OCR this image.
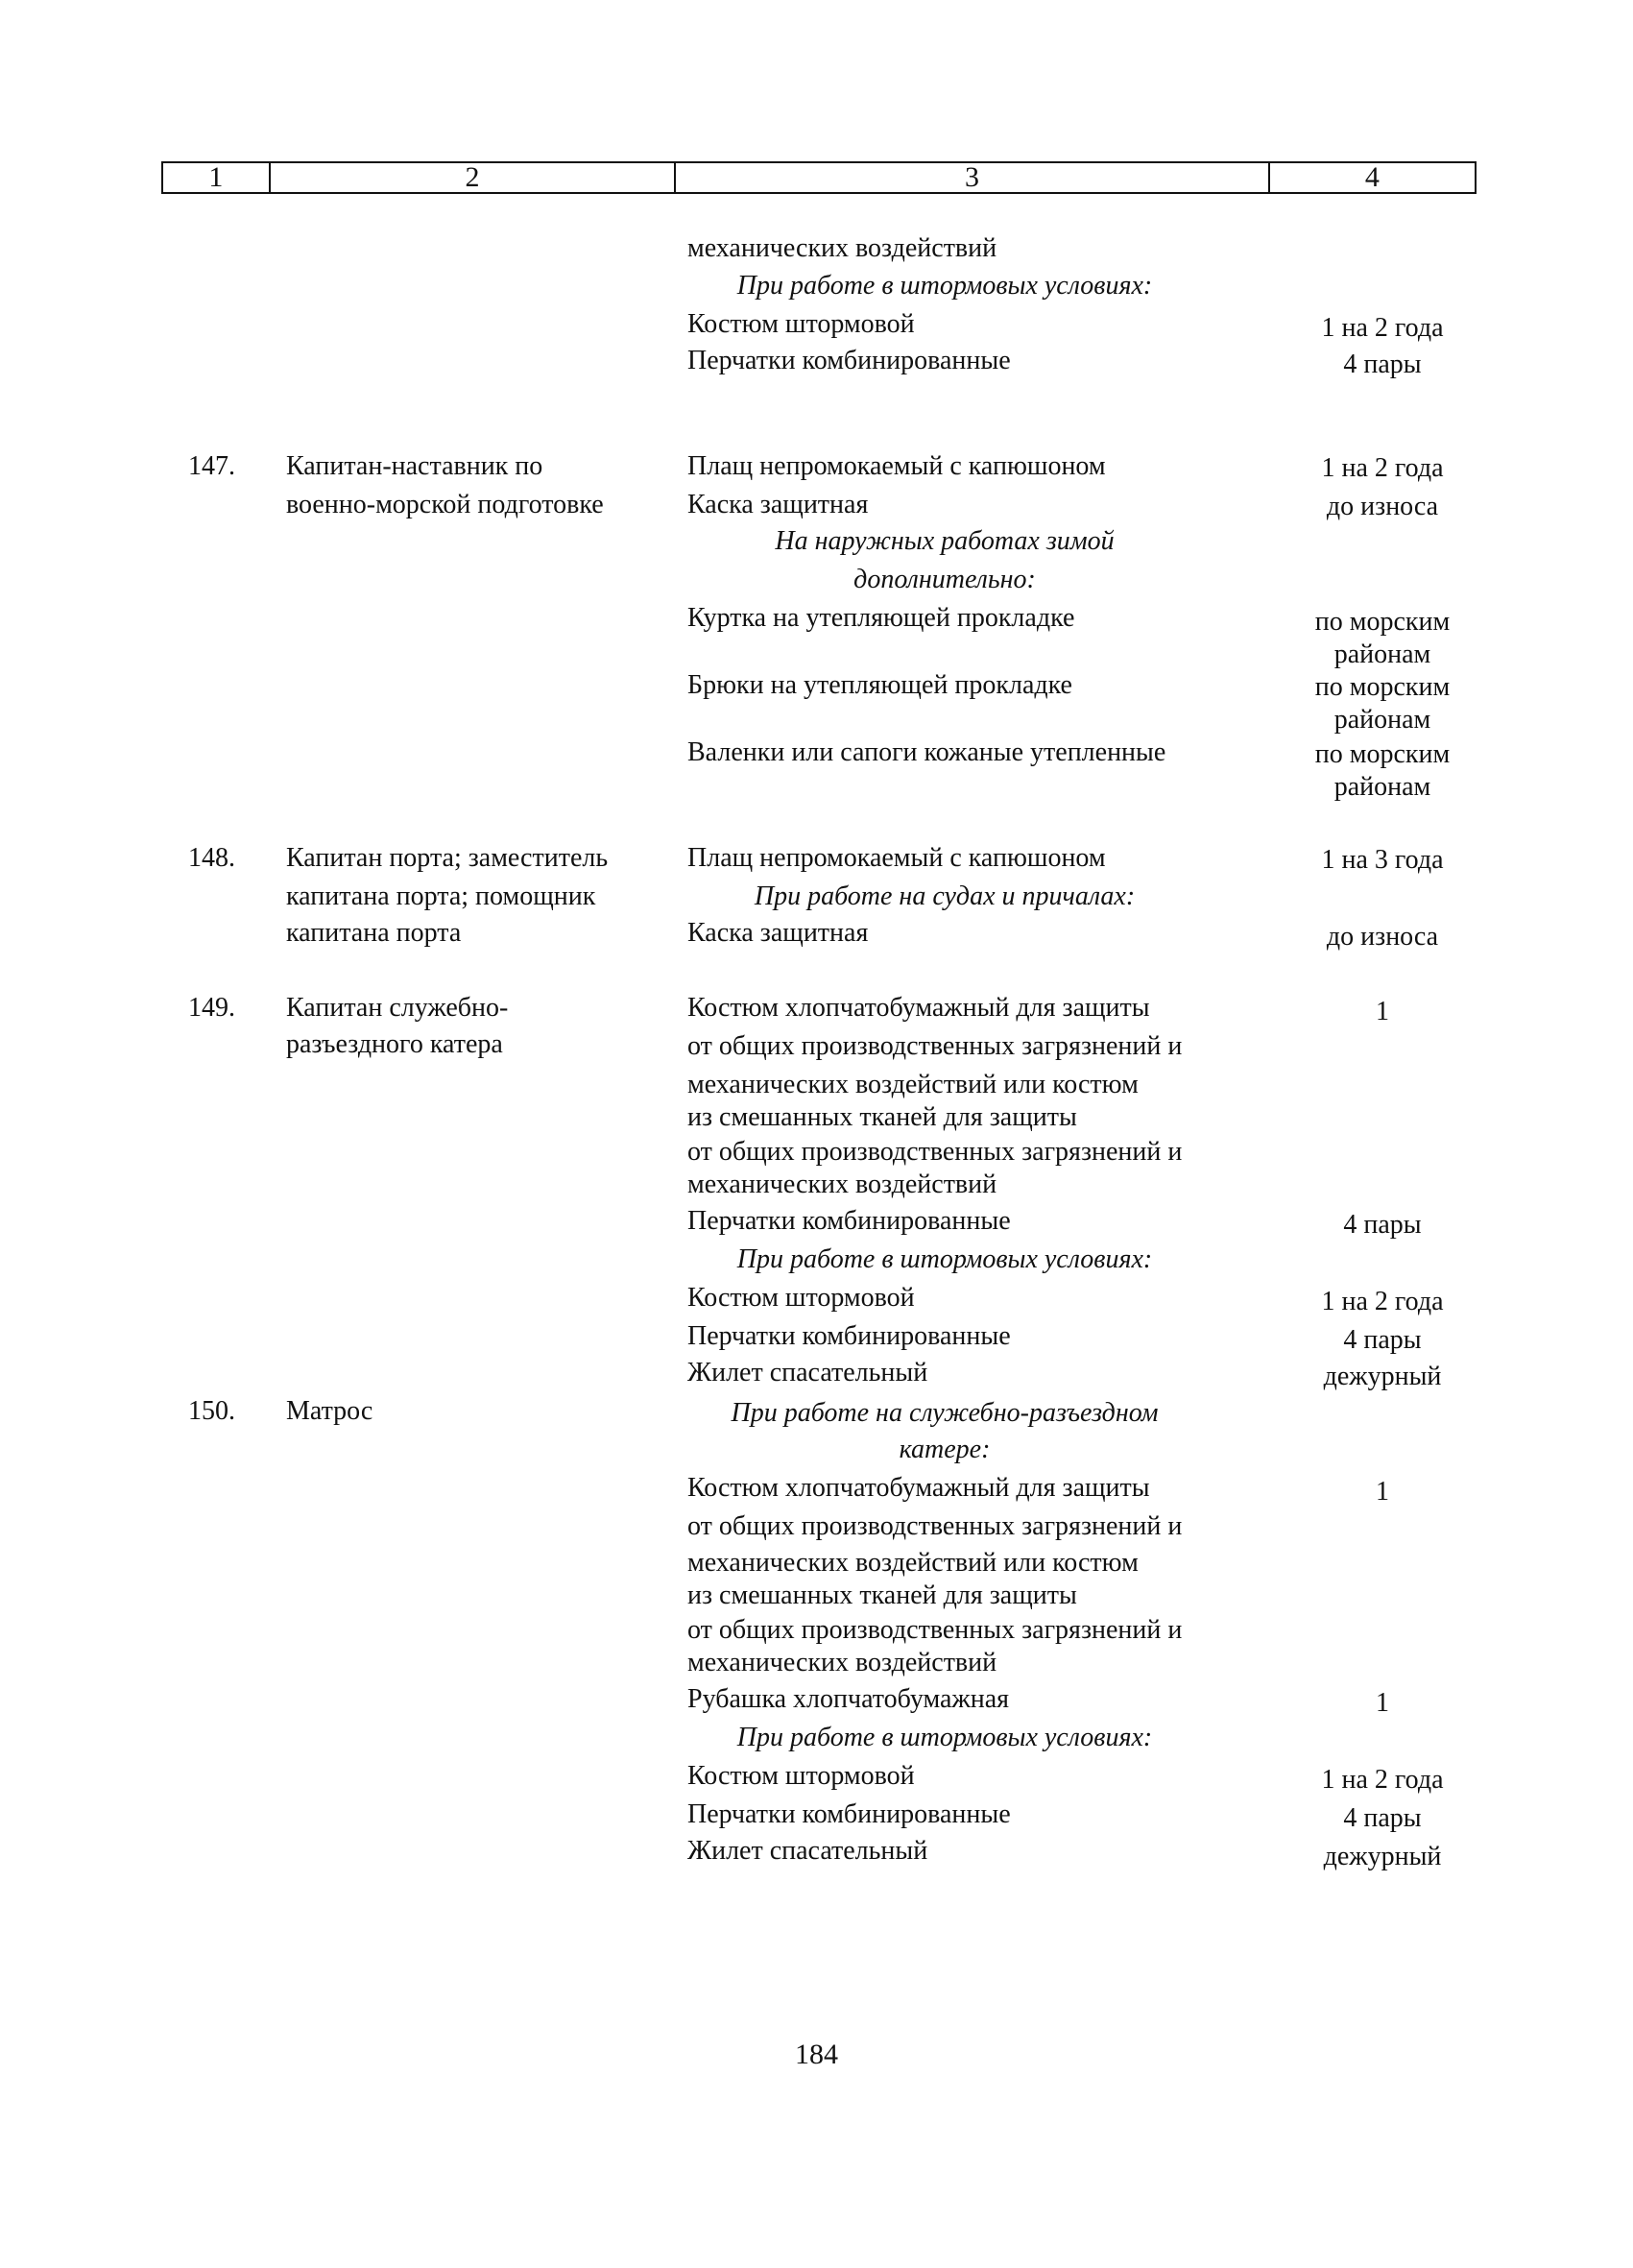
1	2	3	4
механических воздействий
При работе в штормовых условиях:
Костюм штормовой	1 на 2 года
Перчатки комбинированные	4 пары
147. Капитан-наставник по	Плащ непромокаемый с капюшоном	1 на 2 года
военно-морской подготовке	Каска защитная	до износа
На наружных работах зимой
дополнительно:
Куртка на утепляющей прокладке	по морским
районам
Брюки на утепляющей прокладке	по морским
районам
Валенки или сапоги кожаные утепленные	по морским
районам
148. Капитан порта; заместитель	Плащ непромокаемый с капюшоном	1 на 3 года
капитана порта; помощник	При работе на судах и причалах:
капитана порта	Каска защитная	до износа
149. Капитан служебно-	Костюм хлопчатобумажный для защиты	1
разъездного катера	от общих производственных загрязнений и
механических воздействий или костюм
из смешанных тканей для защиты
от общих производственных загрязнений и
механических воздействий
Перчатки комбинированные	4 пары
При работе в штормовых условиях:
Костюм штормовой	1 на 2 года
Перчатки комбинированные	4 пары
Жилет спасательный	дежурный
150. Матрос	При работе на служебно-разъездном
катере:
Костюм хлопчатобумажный для защиты	1
от общих производственных загрязнений и
механических воздействий или костюм
из смешанных тканей для защиты
от общих производственных загрязнений и
механических воздействий
Рубашка хлопчатобумажная	1
При работе в штормовых условиях:
Костюм штормовой	1 на 2 года
Перчатки комбинированные	4 пары
Жилет спасательный	дежурный
184
